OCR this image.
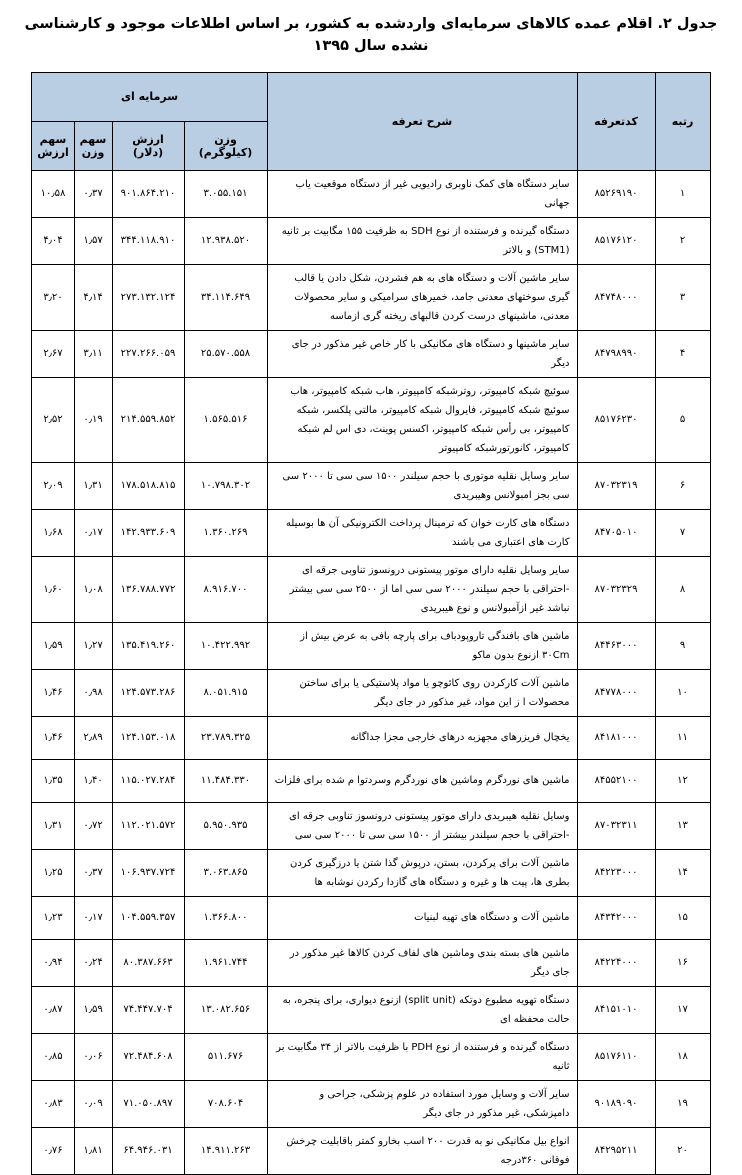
جدول ۲. اقلام عمده کالاهای سرمایه‌ای واردشده به کشور، بر اساس اطلاعات موجود و کارشناسی نشده سال ۱۳۹۵
رتبه	کدتعرفه	شرح تعرفه	سرمایه ای			
			وزن (کیلوگرم)	ارزش (دلار)	سهم وزن	سهم ارزش
۱	۸۵۲۶۹۱۹۰	سایر دستگاه های کمک ناوبری رادیویی غیر از دستگاه موقعیت یاب جهانی	۳.۰۵۵.۱۵۱	۹۰۱.۸۶۴.۲۱۰	۰٫۳۷	۱۰٫۵۸
۲	۸۵۱۷۶۱۲۰	دستگاه گیرنده و فرستنده از نوع SDH به ظرفیت ۱۵۵ مگابیت بر ثانیه (STM1) و بالاتر	۱۲.۹۳۸.۵۲۰	۳۴۴.۱۱۸.۹۱۰	۱٫۵۷	۴٫۰۴
۳	۸۴۷۴۸۰۰۰	سایر ماشین آلات و دستگاه های به هم فشردن، شکل دادن یا قالب گیری سوختهای معدنی جامد، خمیرهای سرامیکی و سایر محصولات معدنی، ماشینهای درست کردن قالبهای ریخته گری ازماسه	۳۴.۱۱۴.۶۴۹	۲۷۳.۱۳۲.۱۲۴	۴٫۱۴	۳٫۲۰
۴	۸۴۷۹۸۹۹۰	سایر ماشینها و دستگاه های مکانیکی با کار خاص غیر مذکور در جای دیگر	۲۵.۵۷۰.۵۵۸	۲۲۷.۲۶۶.۰۵۹	۳٫۱۱	۲٫۶۷
۵	۸۵۱۷۶۲۳۰	سوئیچ شبکه کامپیوتر، روترشبکه کامپیوتر، هاب شبکه کامپیوتر، هاب سوئیچ شبکه کامپیوتر، فایروال شبکه کامپیوتر، مالتی پلکسر، شبکه کامپیوتر، بی رأس شبکه کامپیوتر، اکسس پوینت، دی اس لم شبکه کامپیوتر، کانورتورشبکه کامپیوتر	۱.۵۶۵.۵۱۶	۲۱۴.۵۵۹.۸۵۲	۰٫۱۹	۲٫۵۲
۶	۸۷۰۳۲۳۱۹	سایر وسایل نقلیه موتوری با حجم سیلندر ۱۵۰۰ سی سی تا ۲۰۰۰ سی سی بجز امبولانس وهیبریدی	۱۰.۷۹۸.۳۰۲	۱۷۸.۵۱۸.۸۱۵	۱٫۳۱	۲٫۰۹
۷	۸۴۷۰۵۰۱۰	دستگاه های کارت خوان که ترمینال پرداخت الکترونیکی آن ها بوسیله کارت های اعتباری می باشند	۱.۳۶۰.۲۶۹	۱۴۲.۹۳۳.۶۰۹	۰٫۱۷	۱٫۶۸
۸	۸۷۰۳۲۳۲۹	سایر وسایل نقلیه دارای موتور پیستونی درونسوز تناوبی جرقه ای -احتراقی با حجم سیلندر ۲۰۰۰ سی سی اما از ۲۵۰۰ سی سی بیشتر نباشد غیر ازآمبولانس و نوع هیبریدی	۸.۹۱۶.۷۰۰	۱۳۶.۷۸۸.۷۷۲	۱٫۰۸	۱٫۶۰
۹	۸۴۴۶۳۰۰۰	ماشین های بافندگی تاروپودباف برای پارچه بافی به عرض بیش از ۳۰Cm ازنوع بدون ماکو	۱۰.۴۲۲.۹۹۲	۱۳۵.۴۱۹.۲۶۰	۱٫۲۷	۱٫۵۹
۱۰	۸۴۷۷۸۰۰۰	ماشین آلات کارکردن روی کائوچو یا مواد پلاستیکی یا برای ساختن محصولات ا ز این مواد، غیر مذکور در جای دیگر	۸.۰۵۱.۹۱۵	۱۲۴.۵۷۳.۲۸۶	۰٫۹۸	۱٫۴۶
۱۱	۸۴۱۸۱۰۰۰	یخچال فریزرهای مجهزبه درهای خارجی مجزا جداگانه	۲۳.۷۸۹.۳۲۵	۱۲۴.۱۵۳.۰۱۸	۲٫۸۹	۱٫۴۶
۱۲	۸۴۵۵۲۱۰۰	ماشین های نوردگرم وماشین های نوردگرم وسردتوا م شده برای فلزات	۱۱.۴۸۴.۳۳۰	۱۱۵.۰۲۷.۲۸۴	۱٫۴۰	۱٫۳۵
۱۳	۸۷۰۳۲۳۱۱	وسایل نقلیه هیبریدی دارای موتور پیستونی درونسوز تناوبی جرقه ای -احتراقی با حجم سیلندر بیشتر از ۱۵۰۰ سی سی تا ۲۰۰۰ سی سی	۵.۹۵۰.۹۳۵	۱۱۲.۰۲۱.۵۷۲	۰٫۷۲	۱٫۳۱
۱۴	۸۴۲۲۳۰۰۰	ماشین آلات برای پرکردن، بستن، درپوش گذا شتن یا درزگیری کردن بطری ها، پیت ها و غیره و دستگاه های گازدا رکردن نوشابه ها	۳.۰۶۳.۸۶۵	۱۰۶.۹۳۷.۷۲۴	۰٫۳۷	۱٫۲۵
۱۵	۸۴۳۴۲۰۰۰	ماشین آلات و دستگاه های تهیه لبنیات	۱.۳۶۶.۸۰۰	۱۰۴.۵۵۹.۳۵۷	۰٫۱۷	۱٫۲۳
۱۶	۸۴۲۲۴۰۰۰	ماشین های بسته بندی وماشین های لفاف کردن کالاها غیر مذکور در جای دیگر	۱.۹۶۱.۷۴۴	۸۰.۳۸۷.۶۶۳	۰٫۲۴	۰٫۹۴
۱۷	۸۴۱۵۱۰۱۰	دستگاه تهویه مطبوع دوتکه (split unit) ازنوع دیواری، برای پنجره، به حالت محفظه ای	۱۳.۰۸۲.۶۵۶	۷۴.۴۴۷.۷۰۴	۱٫۵۹	۰٫۸۷
۱۸	۸۵۱۷۶۱۱۰	دستگاه گیرنده و فرستنده از نوع PDH با ظرفیت بالاتر از ۳۴ مگابیت بر ثانیه	۵۱۱.۶۷۶	۷۲.۴۸۴.۶۰۸	۰٫۰۶	۰٫۸۵
۱۹	۹۰۱۸۹۰۹۰	سایر آلات و وسایل مورد استفاده در علوم پزشکی، جراحی و دامپزشکی، غیر مذکور در جای دیگر	۷۰۸.۶۰۴	۷۱.۰۵۰.۸۹۷	۰٫۰۹	۰٫۸۳
۲۰	۸۴۲۹۵۲۱۱	انواع بیل مکانیکی نو به قدرت ۲۰۰ اسب بخارو کمتر باقابلیت چرخش فوقانی ۳۶۰درجه	۱۴.۹۱۱.۲۶۳	۶۴.۹۴۶.۰۳۱	۱٫۸۱	۰٫۷۶
